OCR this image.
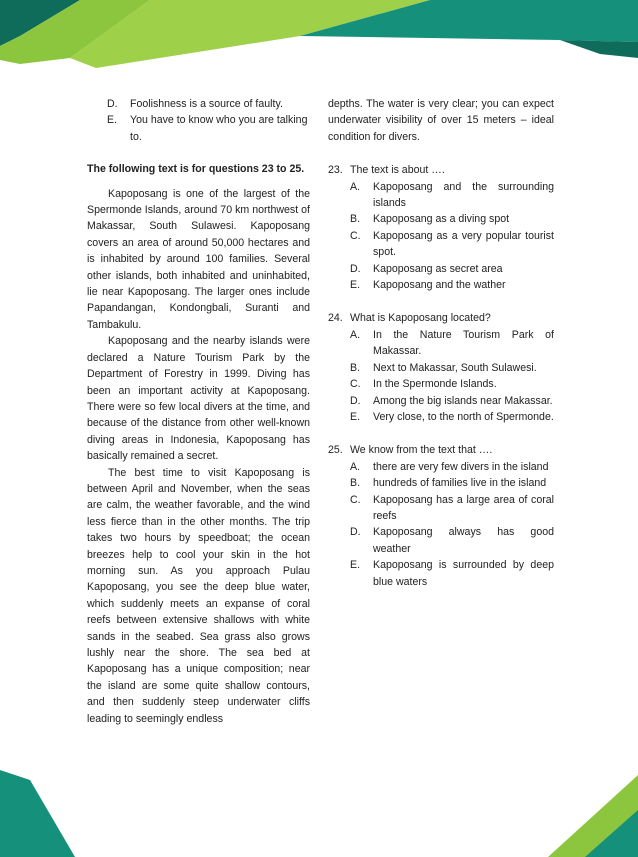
D.	Foolishness is a source of faulty.
E.	You have to know who you are talking to.
The following text is for questions 23 to 25.

Kapoposang is one of the largest of the Spermonde Islands, around 70 km northwest of Makassar, South Sulawesi. Kapoposang covers an area of around 50,000 hectares and is inhabited by around 100 families. Several other islands, both inhabited and uninhabited, lie near Kapoposang. The larger ones include Papandangan, Kondongbali, Suranti and Tambakulu.

Kapoposang and the nearby islands were declared a Nature Tourism Park by the Department of Forestry in 1999. Diving has been an important activity at Kapoposang. There were so few local divers at the time, and because of the distance from other well-known diving areas in Indonesia, Kapoposang has basically remained a secret.

The best time to visit Kapoposang is between April and November, when the seas are calm, the weather favorable, and the wind less fierce than in the other months. The trip takes two hours by speedboat; the ocean breezes help to cool your skin in the hot morning sun. As you approach Pulau Kapoposang, you see the deep blue water, which suddenly meets an expanse of coral reefs between extensive shallows with white sands in the seabed. Sea grass also grows lushly near the shore. The sea bed at Kapoposang has a unique composition; near the island are some quite shallow contours, and then suddenly steep underwater cliffs leading to seemingly endless

depths. The water is very clear; you can expect underwater visibility of over 15 meters – ideal condition for divers.

23. The text is about ….
A.	Kapoposang and the surrounding islands
B.	Kapoposang as a diving spot
C.	Kapoposang as a very popular tourist spot.
D.	Kapoposang as secret area
E.	Kapoposang and the wather
24. What is Kapoposang located?
A.	In the Nature Tourism Park of Makassar.
B.	Next to Makassar, South Sulawesi.
C.	In the Spermonde Islands.
D.	Among the big islands near Makassar.
E.	Very close, to the north of Spermonde.
25. We know from the text that ….
A.	there are very few divers in the island
B.	hundreds of families live in the island
C.	Kapoposang has a large area of coral reefs
D.	Kapoposang always has good weather
E.	Kapoposang is surrounded by deep blue waters
